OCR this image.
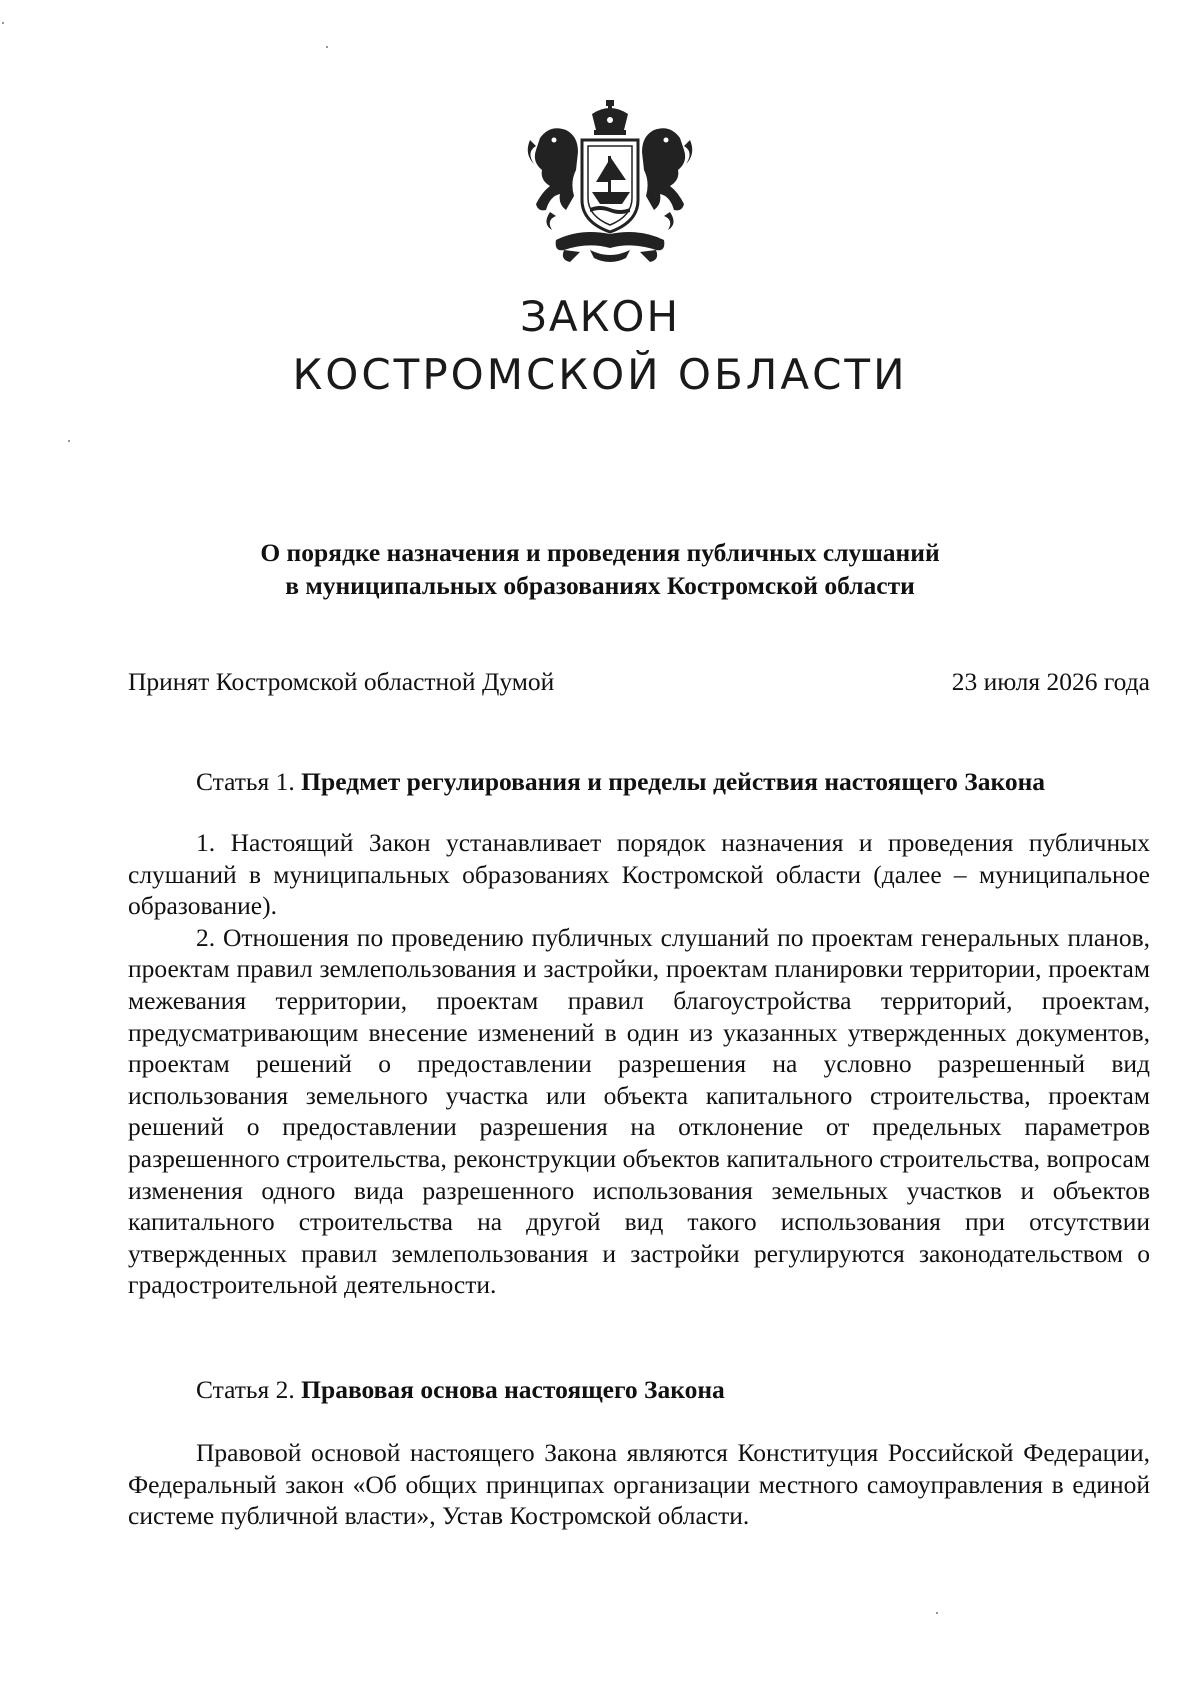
ЗАКОН
КОСТРОМСКОЙ ОБЛАСТИ
О порядке назначения и проведения публичных слушаний
в муниципальных образованиях Костромской области
Принят Костромской областной Думой	23 июля 2026 года
Статья 1. Предмет регулирования и пределы действия настоящего Закона

1. Настоящий Закон устанавливает порядок назначения и проведения публичных слушаний в муниципальных образованиях Костромской области (далее – муниципальное образование).

2. Отношения по проведению публичных слушаний по проектам генеральных планов, проектам правил землепользования и застройки, проектам планировки территории, проектам межевания территории, проектам правил благоустройства территорий, проектам, предусматривающим внесение изменений в один из указанных утвержденных документов, проектам решений о предоставлении разрешения на условно разрешенный вид использования земельного участка или объекта капитального строительства, проектам решений о предоставлении разрешения на отклонение от предельных параметров разрешенного строительства, реконструкции объектов капитального строительства, вопросам изменения одного вида разрешенного использования земельных участков и объектов капитального строительства на другой вид такого использования при отсутствии утвержденных правил землепользования и застройки регулируются законодательством о градостроительной деятельности.

Статья 2. Правовая основа настоящего Закона

Правовой основой настоящего Закона являются Конституция Российской Федерации, Федеральный закон «Об общих принципах организации местного самоуправления в единой системе публичной власти», Устав Костромской области.
